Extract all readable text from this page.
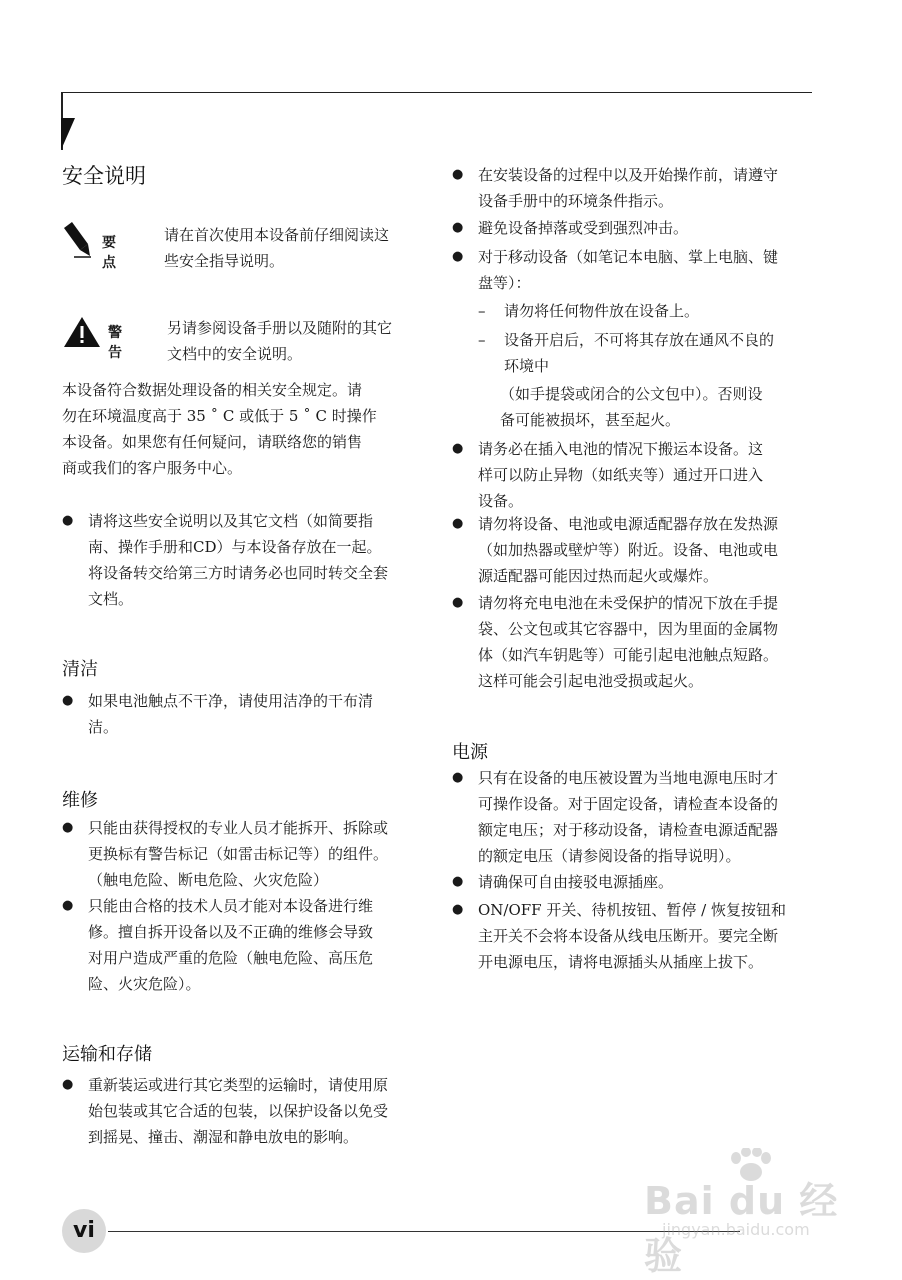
安全说明
要点
请在首次使用本设备前仔细阅读这
些安全指导说明。
警告
另请参阅设备手册以及随附的其它
文档中的安全说明。
本设备符合数据处理设备的相关安全规定。请
勿在环境温度高于 35 ˚ C 或低于 5 ˚ C 时操作
本设备。如果您有任何疑问，请联络您的销售
商或我们的客户服务中心。
● 请将这些安全说明以及其它文档（如简要指
南、操作手册和CD）与本设备存放在一起。
将设备转交给第三方时请务必也同时转交全套
文档。
清洁
● 如果电池触点不干净，请使用洁净的干布清
洁。
维修
● 只能由获得授权的专业人员才能拆开、拆除或
更换标有警告标记（如雷击标记等）的组件。
（触电危险、断电危险、火灾危险）
● 只能由合格的技术人员才能对本设备进行维
修。擅自拆开设备以及不正确的维修会导致
对用户造成严重的危险（触电危险、高压危
险、火灾危险）。
运输和存储
● 重新装运或进行其它类型的运输时，请使用原
始包装或其它合适的包装，以保护设备以免受
到摇晃、撞击、潮湿和静电放电的影响。
● 在安装设备的过程中以及开始操作前，请遵守
设备手册中的环境条件指示。
● 避免设备掉落或受到强烈冲击。
● 对于移动设备（如笔记本电脑、掌上电脑、键
盘等）：
– 请勿将任何物件放在设备上。
– 设备开启后，不可将其存放在通风不良的
环境中
（如手提袋或闭合的公文包中）。否则设
备可能被损坏，甚至起火。
● 请务必在插入电池的情况下搬运本设备。这
样可以防止异物（如纸夹等）通过开口进入
设备。
● 请勿将设备、电池或电源适配器存放在发热源
（如加热器或壁炉等）附近。设备、电池或电
源适配器可能因过热而起火或爆炸。
● 请勿将充电电池在未受保护的情况下放在手提
袋、公文包或其它容器中，因为里面的金属物
体（如汽车钥匙等）可能引起电池触点短路。
这样可能会引起电池受损或起火。
电源
● 只有在设备的电压被设置为当地电源电压时才
可操作设备。对于固定设备，请检查本设备的
额定电压；对于移动设备，请检查电源适配器
的额定电压（请参阅设备的指导说明）。
● 请确保可自由接驳电源插座。
● ON/OFF 开关、待机按钮、暂停 / 恢复按钮和
主开关不会将本设备从线电压断开。要完全断
开电源电压，请将电源插头从插座上拔下。
vi
Bai du 经验
jingyan.baidu.com
